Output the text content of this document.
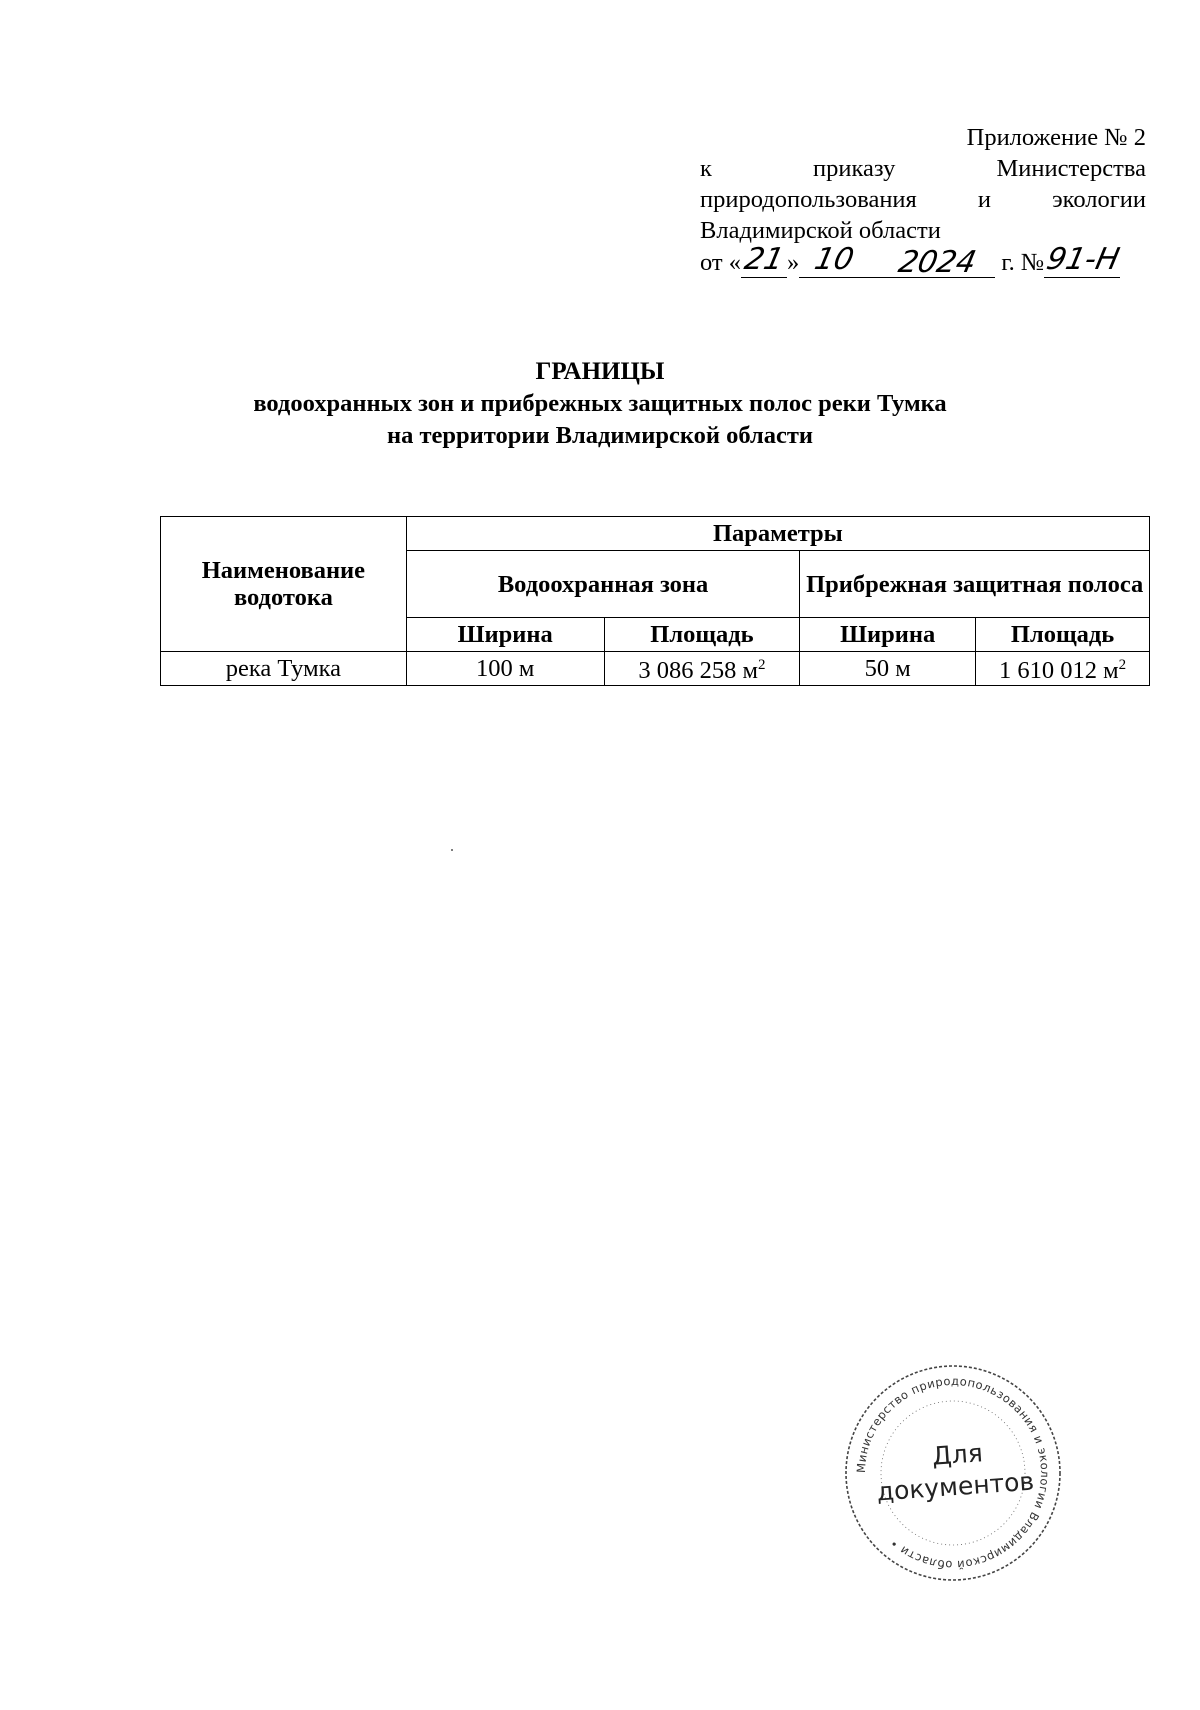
Приложение № 2
к	приказу	Министерства
природопользования и экологии
Владимирской области
от « 21 » 10 2024 г. №
91-Н
ГРАНИЦЫ
водоохранных зон и прибрежных защитных полос реки Тумка
на территории Владимирской области
Наименование водотока	Параметры			
	Водоохранная зона		Прибрежная защитная полоса	
	Ширина	Площадь	Ширина	Площадь
река Тумка	100 м	3 086 258 $м^2$	50 м	1 610 012 $м^2$
Министерство природопользования и экологии Владимирской области •
Для
документов
